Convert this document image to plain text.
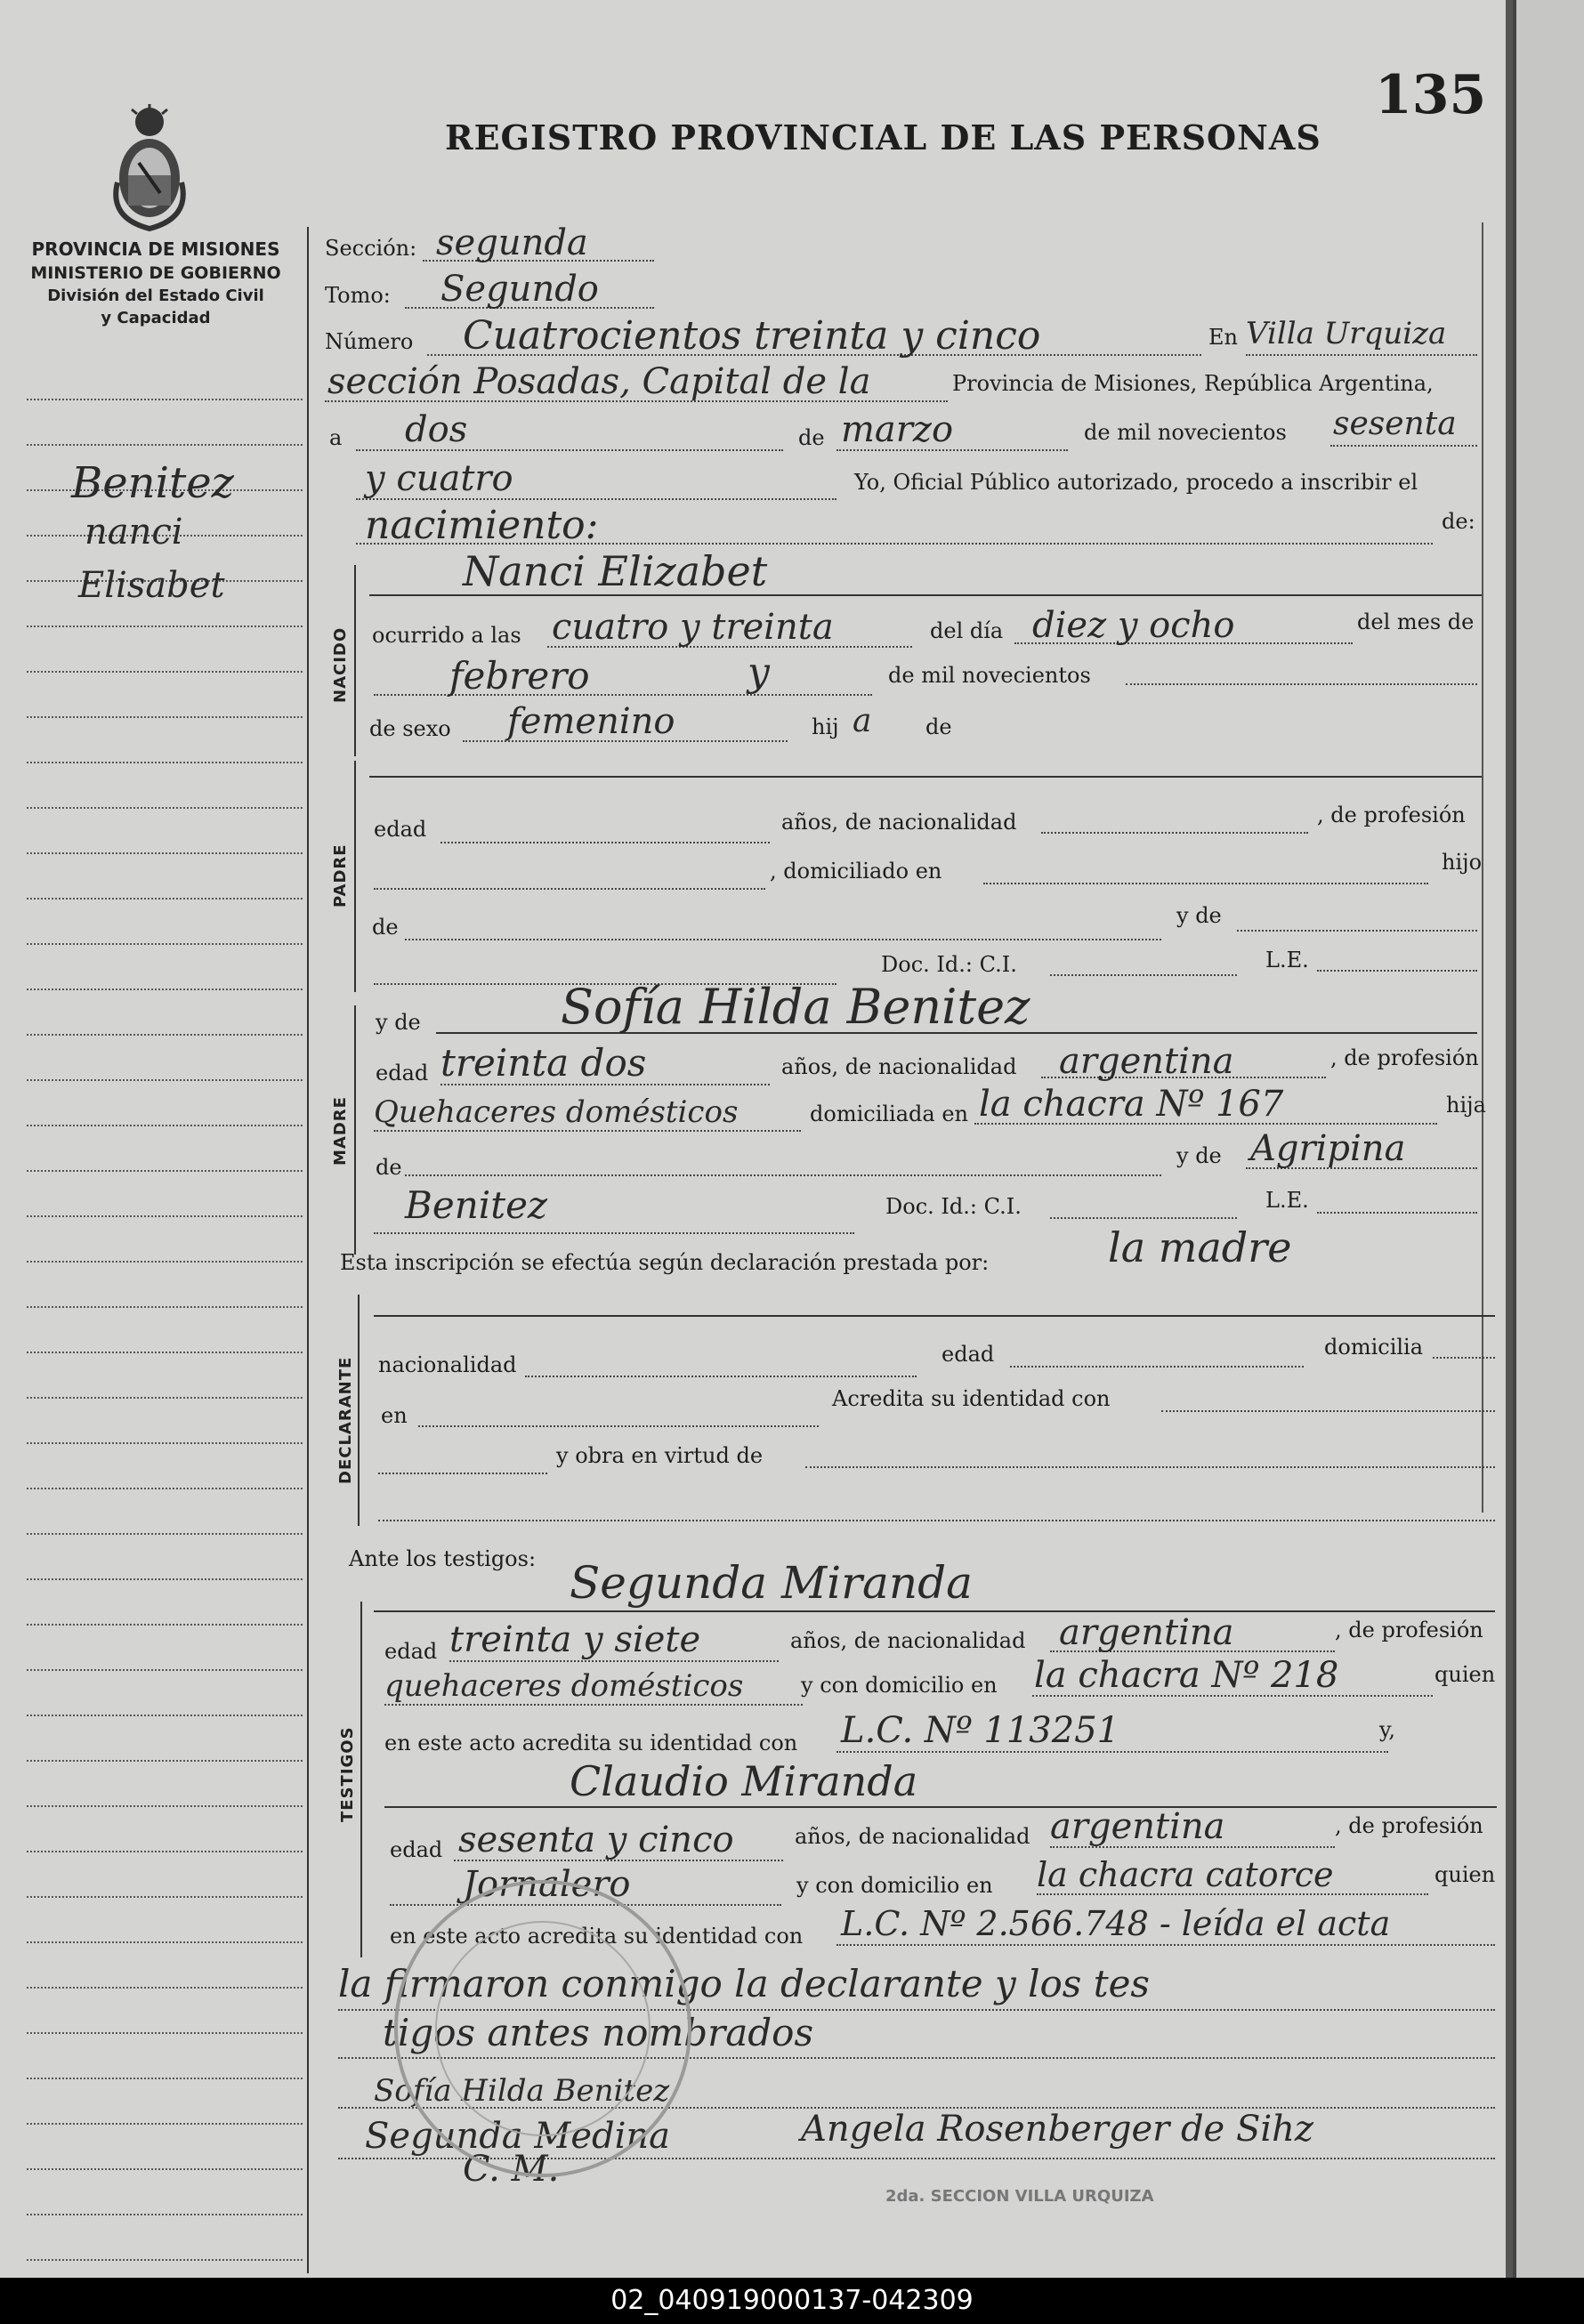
PROVINCIA DE MISIONES
MINISTERIO DE GOBIERNO
División del Estado Civil
y Capacidad
REGISTRO PROVINCIAL DE LAS PERSONAS
135
Benitez
nanci
Elisabet
Sección: segunda
Tomo: Segundo
Número Cuatrocientos treinta y cinco	En Villa Urquiza
sección Posadas, Capital de la	Provincia de Misiones, República Argentina,
a dos	de marzo	de mil novecientos sesenta
y cuatro	Yo, Oficial Público autorizado, procedo a inscribir el
nacimiento:	de:
NACIDO
Nanci Elizabet
ocurrido a las cuatro y treinta	del día diez y ocho	del mes de
febrero	y	de mil novecientos
de sexo femenino	hij a	de
PADRE
edad	años, de nacionalidad	, de profesión
, domiciliado en	hijo
de	y de
Doc. Id.: C.I.	L.E.
MADRE
y de	Sofía Hilda Benitez
edad treinta dos	años, de nacionalidad argentina	, de profesión
Quehaceres domésticos	domiciliada en la chacra Nº 167	hija
de	y de Agripina
Benitez	Doc. Id.: C.I.	L.E.
Esta inscripción se efectúa según declaración prestada por:	la madre
DECLARANTE nacionalidad	edad	domicilia
en
Acredita su identidad con
y obra en virtud de
Ante los testigos:
TESTIGOS
Segunda Miranda
edad treinta y siete	años, de nacionalidad argentina	, de profesión
quehaceres domésticos	y con domicilio en la chacra Nº 218	quien
en este acto acredita su identidad con L.C. Nº 113251	y,
Claudio Miranda
edad sesenta y cinco	años, de nacionalidad argentina	, de profesión
Jornalero	y con domicilio en la chacra catorce	quien
en este acto acredita su identidad con L.C. Nº 2.566.748 - leída el acta
la firmaron conmigo la declarante y los tes
tigos antes nombrados
Sofía Hilda Benitez
Segunda Medina	Angela Rosenberger de Sihz
C. M.
2da. SECCION VILLA URQUIZA
02_040919000137-042309
